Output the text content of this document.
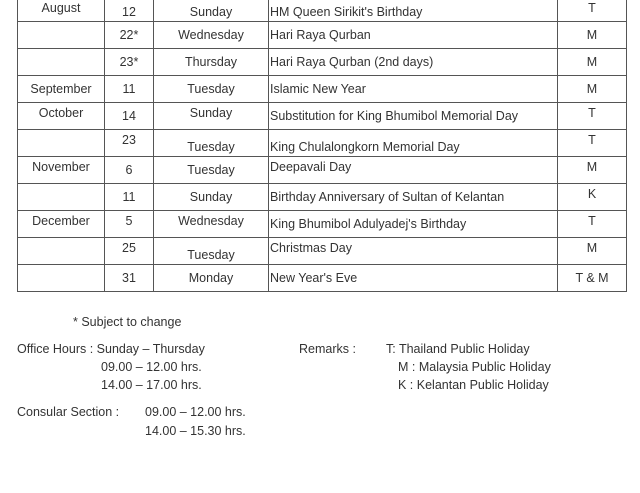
August	12	Sunday	HM Queen Sirikit's Birthday	T

	22*	Wednesday	Hari Raya Qurban	M

	23*	Thursday	Hari Raya Qurban (2nd days)	M

September	11	Tuesday	Islamic New Year	M

October	14	Sunday	Substitution for King Bhumibol Memorial Day	T

	23	Tuesday	King Chulalongkorn Memorial Day	T

November	6	Tuesday	Deepavali Day	M

	11	Sunday	Birthday Anniversary of Sultan of Kelantan	K

December	5	Wednesday	King Bhumibol Adulyadej's Birthday	T

	25	Tuesday	Christmas Day	M

	31	Monday	New Year's Eve	T & M
* Subject to change
Office Hours : Sunday – Thursday
09.00 – 12.00 hrs.
14.00 – 17.00 hrs.
Remarks : T: Thailand Public Holiday
M : Malaysia Public Holiday
K : Kelantan Public Holiday
Consular Section : 09.00 – 12.00 hrs.
14.00 – 15.30 hrs.
